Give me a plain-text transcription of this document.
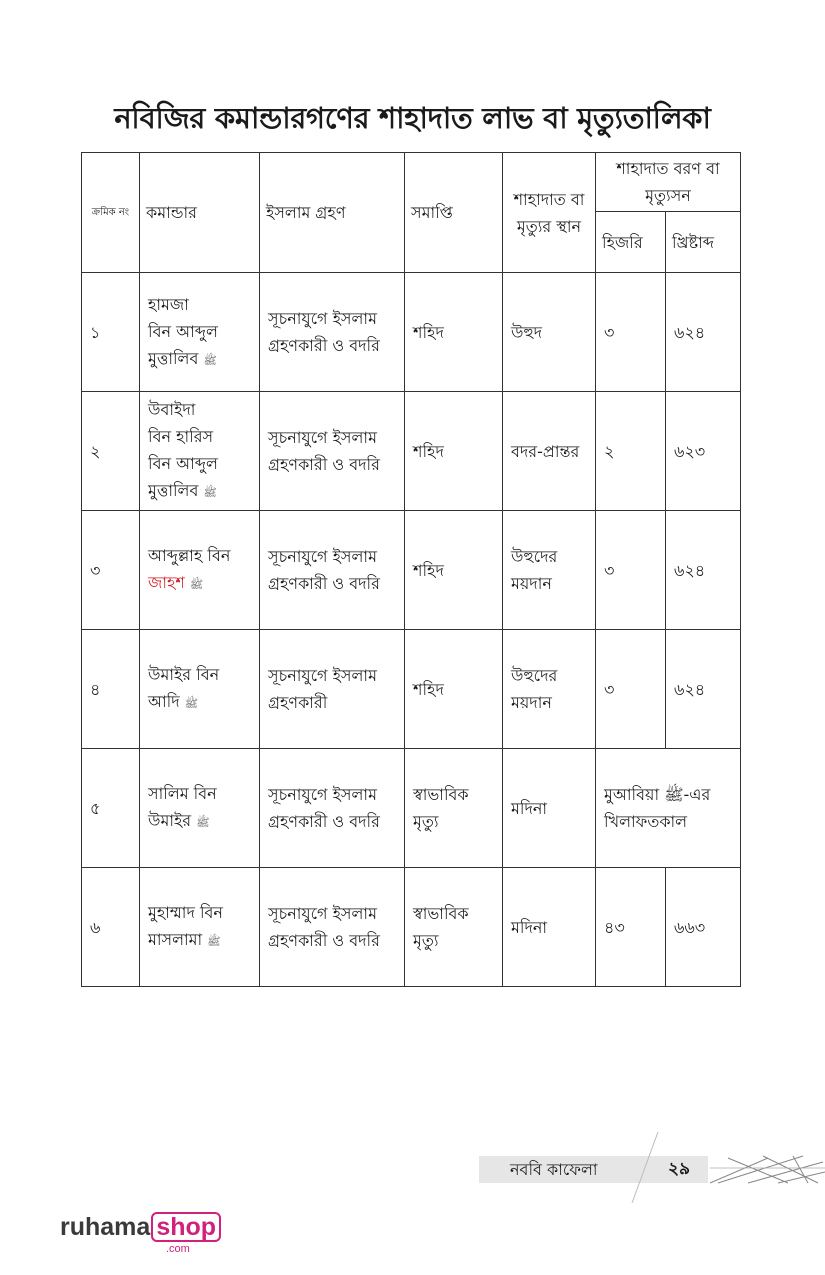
নবিজির কমান্ডারগণের শাহাদাত লাভ বা মৃত্যুতালিকা
ক্রমিক নং	কমান্ডার	ইসলাম গ্রহণ	সমাপ্তি	শাহাদাত বা মৃত্যুর স্থান	শাহাদাত বরণ বা মৃত্যুসন	
					হিজরি	খ্রিষ্টাব্দ
১	হামজা
বিন আব্দুল
মুত্তালিব ﷺ	সূচনাযুগে ইসলাম গ্রহণকারী ও বদরি	শহিদ	উহুদ	৩	৬২৪
২	উবাইদা
বিন হারিস
বিন আব্দুল
মুত্তালিব ﷺ	সূচনাযুগে ইসলাম গ্রহণকারী ও বদরি	শহিদ	বদর-প্রান্তর	২	৬২৩
৩	আব্দুল্লাহ বিন
জাহশ ﷺ	সূচনাযুগে ইসলাম গ্রহণকারী ও বদরি	শহিদ	উহুদের ময়দান	৩	৬২৪
৪	উমাইর বিন
আদি ﷺ	সূচনাযুগে ইসলাম গ্রহণকারী	শহিদ	উহুদের ময়দান	৩	৬২৪
৫	সালিম বিন
উমাইর ﷺ	সূচনাযুগে ইসলাম গ্রহণকারী ও বদরি	স্বাভাবিক মৃত্যু	মদিনা	মুআবিয়া ﷺ-এর খিলাফতকাল	
৬	মুহাম্মাদ বিন
মাসলামা ﷺ	সূচনাযুগে ইসলাম গ্রহণকারী ও বদরি	স্বাভাবিক মৃত্যু	মদিনা	৪৩	৬৬৩
নববি কাফেলা	২৯
ruhama shop
.com
